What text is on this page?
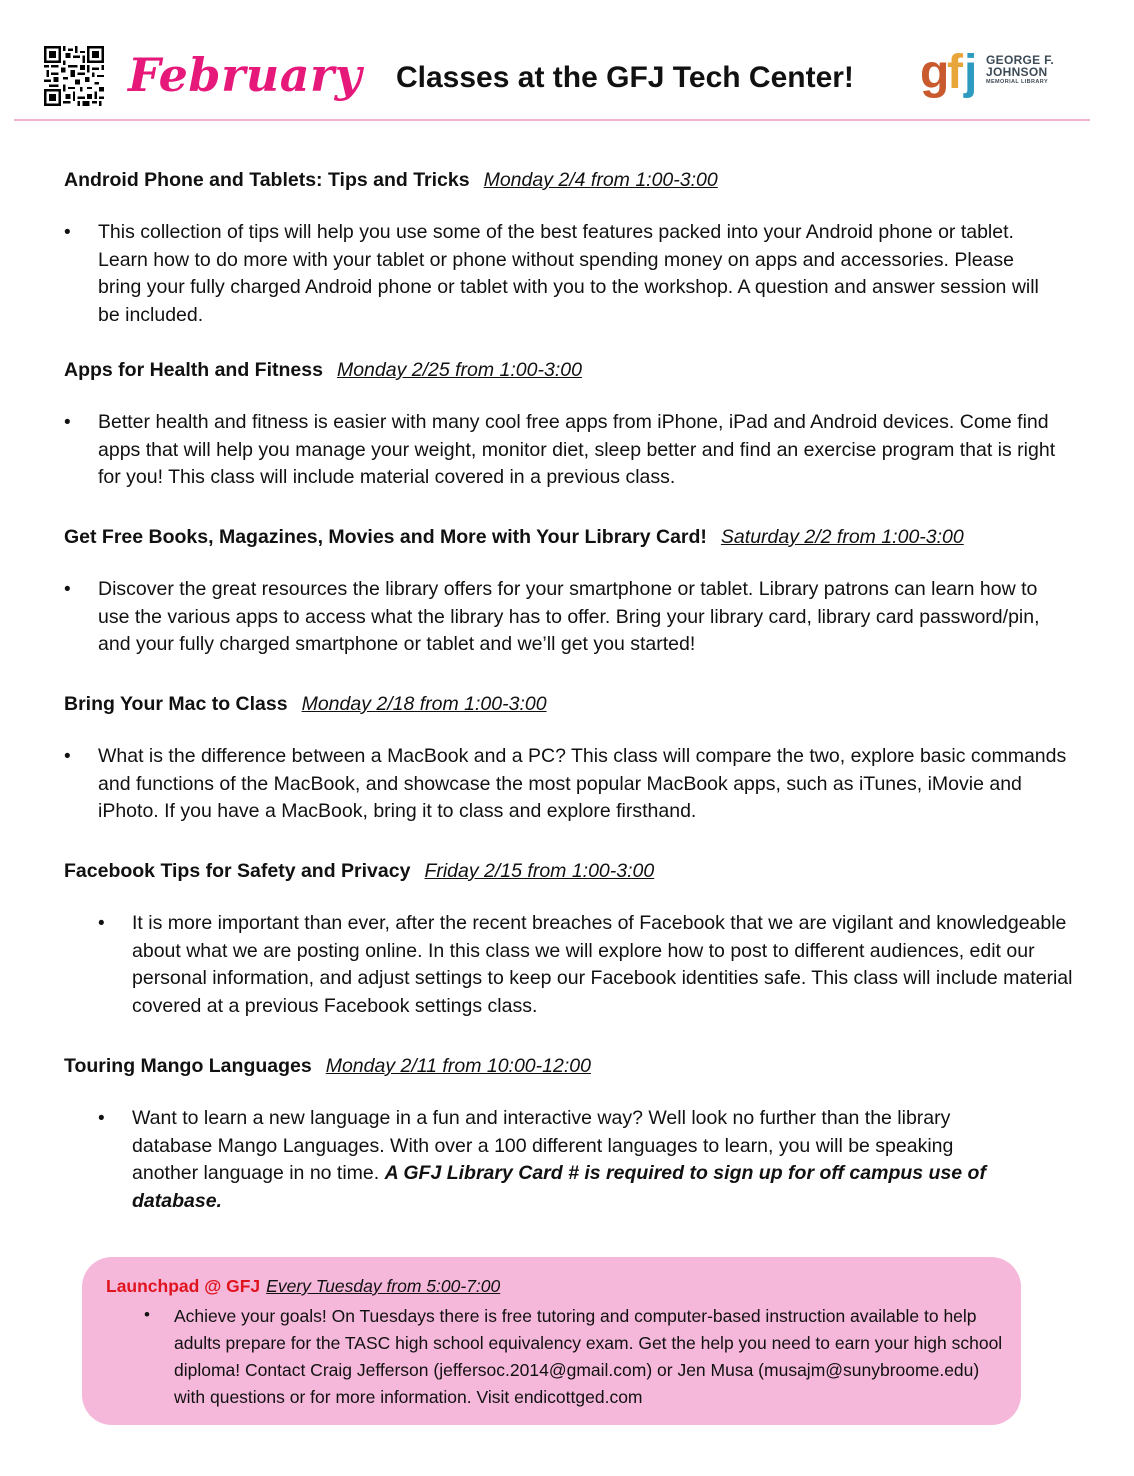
February Classes at the GFJ Tech Center! g
f j GEORGE F.
JOHNSON
MEMORIAL LIBRARY
Android Phone and Tablets: Tips and Tricks Monday 2/4 from 1:00-3:00
• This collection of tips will help you use some of the best features packed into your Android phone or tablet. Learn how to do more with your tablet or phone without spending money on apps and accessories. Please bring your fully charged Android phone or tablet with you to the workshop. A question and answer session will be included.
Apps for Health and Fitness Monday 2/25 from 1:00-3:00
• Better health and fitness is easier with many cool free apps from iPhone, iPad and Android devices. Come find apps that will help you manage your weight, monitor diet, sleep better and find an exercise program that is right for you! This class will include material covered in a previous class.
Get Free Books, Magazines, Movies and More with Your Library Card! Saturday 2/2 from 1:00-3:00
• Discover the great resources the library offers for your smartphone or tablet. Library patrons can learn how to use the various apps to access what the library has to offer. Bring your library card, library card password/pin, and your fully charged smartphone or tablet and we’ll get you started!
Bring Your Mac to Class Monday 2/18 from 1:00-3:00
• What is the difference between a MacBook and a PC? This class will compare the two, explore basic commands and functions of the MacBook, and showcase the most popular MacBook apps, such as iTunes, iMovie and iPhoto. If you have a MacBook, bring it to class and explore firsthand.
Facebook Tips for Safety and Privacy Friday 2/15 from 1:00-3:00
• It is more important than ever, after the recent breaches of Facebook that we are vigilant and knowledgeable about what we are posting online. In this class we will explore how to post to different audiences, edit our personal information, and adjust settings to keep our Facebook identities safe. This class will include material covered at a previous Facebook settings class.
Touring Mango Languages Monday 2/11 from 10:00-12:00
• Want to learn a new language in a fun and interactive way? Well look no further than the library database Mango Languages. With over a 100 different languages to learn, you will be speaking another language in no time. A GFJ Library Card # is required to sign up for off campus use of database.
Launchpad @ GFJ Every Tuesday from 5:00-7:00
• Achieve your goals! On Tuesdays there is free tutoring and computer-based instruction available to help adults prepare for the TASC high school equivalency exam. Get the help you need to earn your high school diploma! Contact Craig Jefferson (jeffersoc.2014@gmail.com) or Jen Musa (musajm@sunybroome.edu) with questions or for more information. Visit endicottged.com
